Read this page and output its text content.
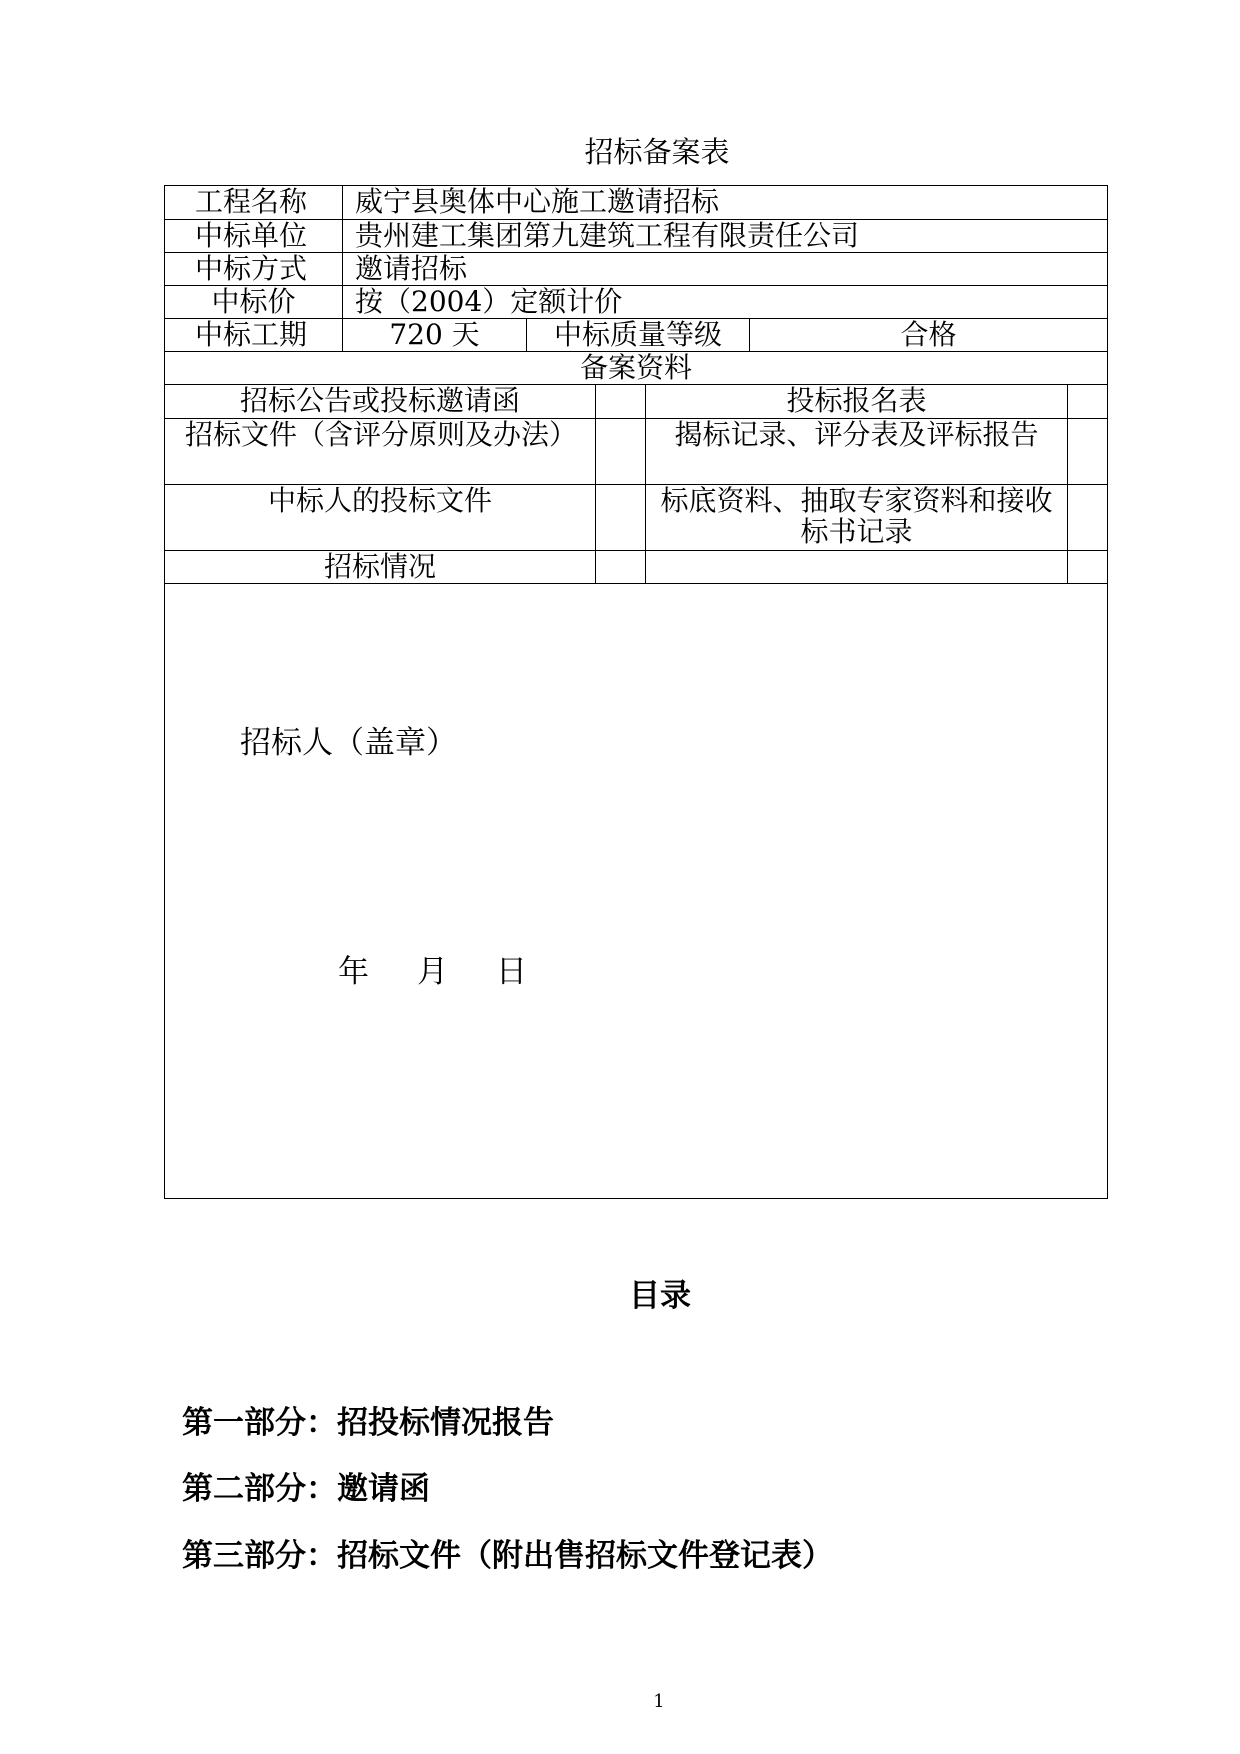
招标备案表
工程名称	威宁县奥体中心施工邀请招标
中标单位	贵州建工集团第九建筑工程有限责任公司
中标方式	邀请招标
中标价	按（2004）定额计价
中标工期	720 天	中标质量等级	合格
备案资料
招标公告或投标邀请函	投标报名表
招标文件（含评分原则及办法）	揭标记录、评分表及评标报告
中标人的投标文件	标底资料、抽取专家资料和接收标书记录
招标情况
招标人（盖章）
年 月 日
目录
第一部分：招投标情况报告
第二部分：邀请函
第三部分：招标文件（附出售招标文件登记表）
1
